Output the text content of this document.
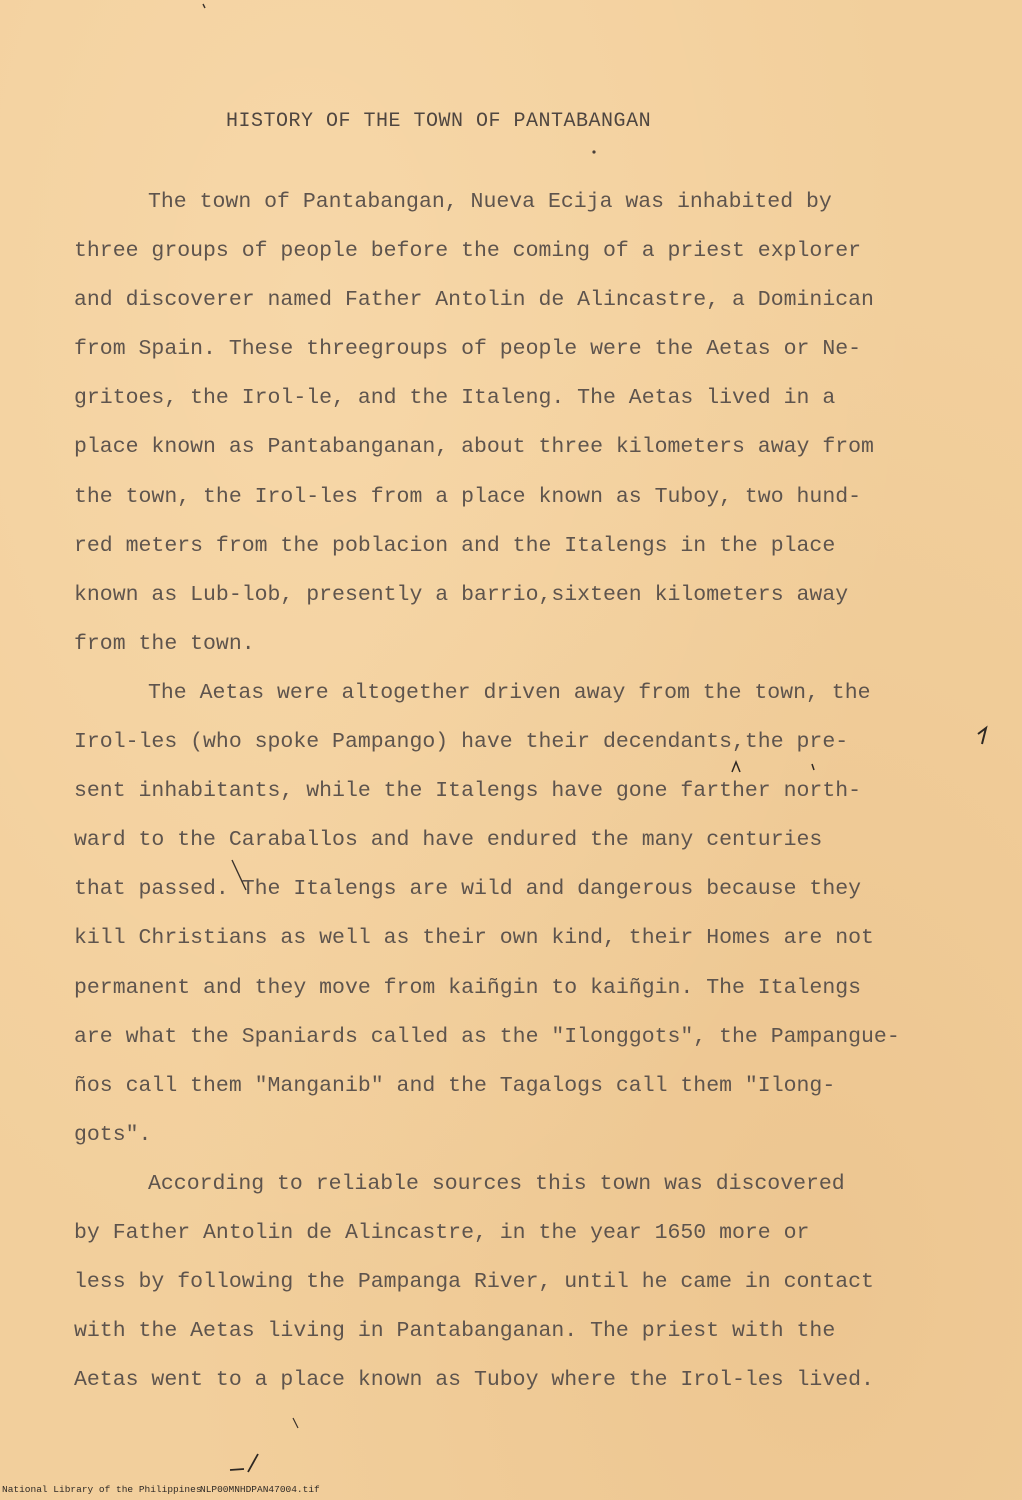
HISTORY OF THE TOWN OF PANTABANGAN
The town of Pantabangan, Nueva Ecija was inhabited by
three groups of people before the coming of a priest explorer
and discoverer named Father Antolin de Alincastre, a Dominican
from Spain. These threegroups of people were the Aetas or Ne-
gritoes, the Irol-le, and the Italeng. The Aetas lived in a
place known as Pantabanganan, about three kilometers away from
the town, the Irol-les from a place known as Tuboy, two hund-
red meters from the poblacion and the Italengs in the place
known as Lub-lob, presently a barrio,sixteen kilometers away
from the town.
The Aetas were altogether driven away from the town, the
Irol-les (who spoke Pampango) have their decendants,the pre-
sent inhabitants, while the Italengs have gone farther north-
ward to the Caraballos and have endured the many centuries
that passed. The Italengs are wild and dangerous because they
kill Christians as well as their own kind, their Homes are not
permanent and they move from kaiñgin to kaiñgin. The Italengs
are what the Spaniards called as the "Ilonggots", the Pampangue-
ños call them "Manganib" and the Tagalogs call them "Ilong-
gots".
According to reliable sources this town was discovered
by Father Antolin de Alincastre, in the year 1650 more or
less by following the Pampanga River, until he came in contact
with the Aetas living in Pantabanganan. The priest with the
Aetas went to a place known as Tuboy where the Irol-les lived.
National Library of the Philippines
NLP00MNHDPAN47004.tif
